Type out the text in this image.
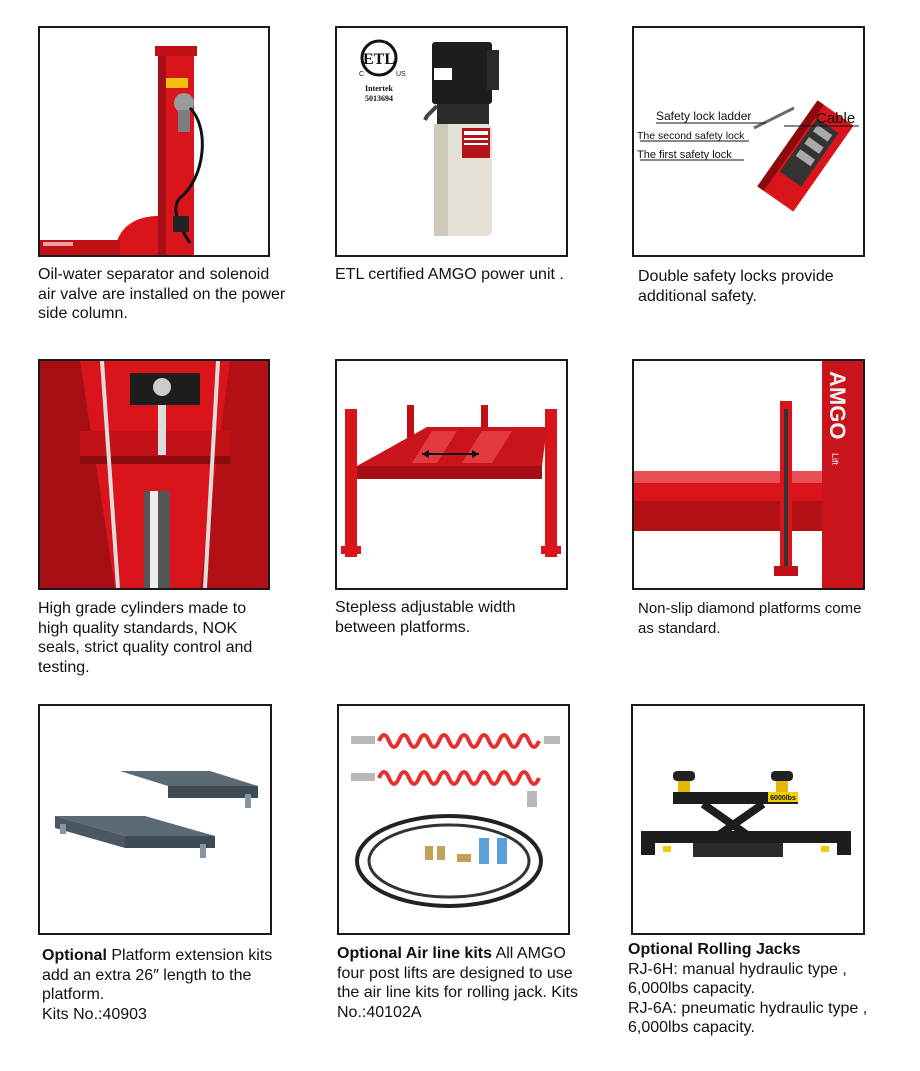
Oil-water separator and solenoid air valve are installed on the power side column.
ETL
C	US
Intertek
5013694
ETL certified AMGO power unit .
Safety lock ladder	Cable
The second safety lock
The first safety lock
Double safety locks provide additional safety.
High grade cylinders made to high quality standards, NOK seals, strict quality control and testing.
Stepless adjustable width between platforms.
AMGO
Lift
Non-slip diamond platforms come as standard.
Optional Platform extension kits add an extra 26″ length to the platform.
Kits No.:40903
Optional Air line kits All AMGO four post lifts are designed to use the air line kits for rolling jack. Kits No.:40102A
6000lbs
Optional Rolling Jacks
RJ-6H: manual hydraulic type ,
6,000lbs capacity.
RJ-6A: pneumatic hydraulic type ,
6,000lbs capacity.
